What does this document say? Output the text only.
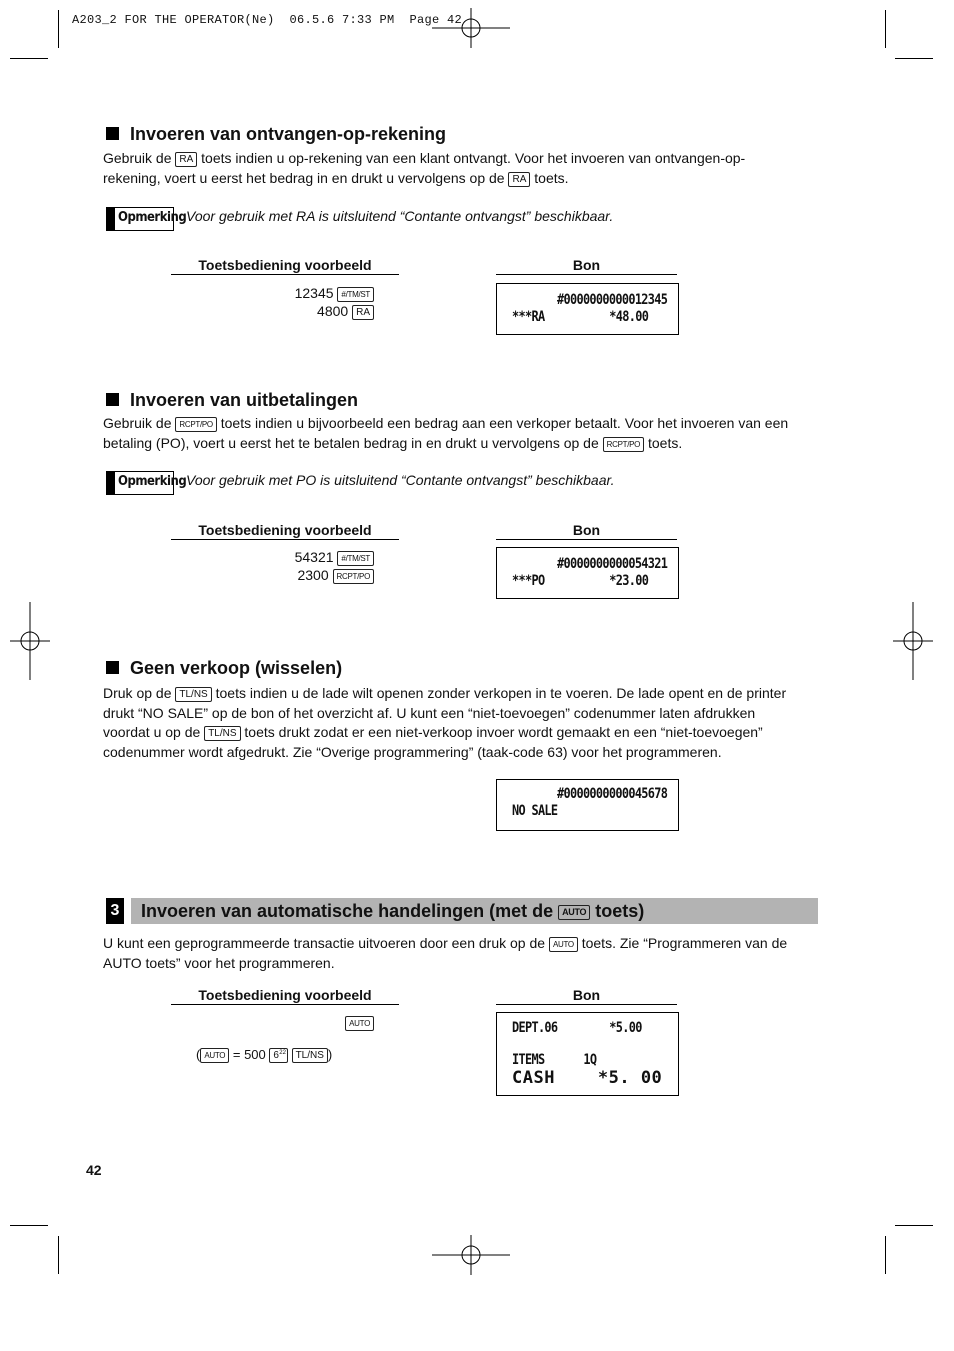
A203_2 FOR THE OPERATOR(Ne)  06.5.6 7:33 PM  Page 42
Invoeren van ontvangen-op-rekening
Gebruik de RA toets indien u op-rekening van een klant ontvangt. Voor het invoeren van ontvangen-op-
rekening, voert u eerst het bedrag in en drukt u vervolgens op de RA toets.
Opmerking Voor gebruik met RA is uitsluitend “Contante ontvangst” beschikbaar.
Toetsbediening voorbeeld	Bon
12345 #/TM/ST
4800 RA
#0000000000012345
***RA          *48.00
Invoeren van uitbetalingen
Gebruik de RCPT/PO toets indien u bijvoorbeeld een bedrag aan een verkoper betaalt. Voor het invoeren van een
betaling (PO), voert u eerst het te betalen bedrag in en drukt u vervolgens op de RCPT/PO toets.
Opmerking Voor gebruik met PO is uitsluitend “Contante ontvangst” beschikbaar.
Toetsbediening voorbeeld	Bon
54321 #/TM/ST
2300 RCPT/PO
#0000000000054321
***PO          *23.00
Geen verkoop (wisselen)
Druk op de TL/NS toets indien u de lade wilt openen zonder verkopen in te voeren. De lade opent en de printer
drukt “NO SALE” op de bon of het overzicht af. U kunt een “niet-toevoegen” codenummer laten afdrukken
voordat u op de TL/NS toets drukt zodat er een niet-verkoop invoer wordt gemaakt en een “niet-toevoegen”
codenummer wordt afgedrukt. Zie “Overige programmering” (taak-code 63) voor het programmeren.
#0000000000045678
NO SALE
3 Invoeren van automatische handelingen (met de AUTO toets)
U kunt een geprogrammeerde transactie uitvoeren door een druk op de AUTO toets. Zie “Programmeren van de
AUTO toets” voor het programmeren.
Toetsbediening voorbeeld	Bon
AUTO
( AUTO = 500 6 22 TL/NS )
DEPT.06        *5.00
ITEMS      1Q
CASH    *5. 00
42
